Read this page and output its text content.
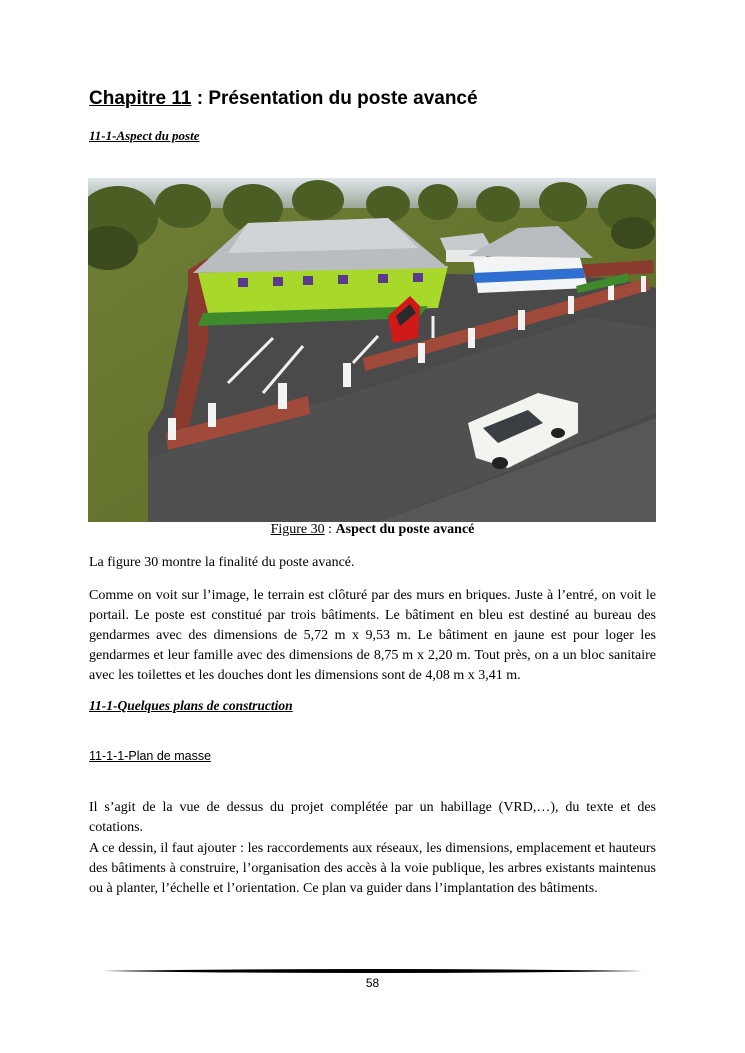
Chapitre 11 : Présentation du poste avancé
11-1-Aspect du poste
Figure 30 : Aspect du poste avancé
La figure 30 montre la finalité du poste avancé.
Comme on voit sur l’image, le terrain est clôturé par des murs en briques. Juste à l’entré, on voit le portail. Le poste est constitué par trois bâtiments. Le bâtiment en bleu est destiné au bureau des gendarmes avec des dimensions de 5,72 m x 9,53 m. Le bâtiment en jaune est pour loger les gendarmes et leur famille avec des dimensions de 8,75 m x 2,20 m. Tout près, on a un bloc sanitaire avec les toilettes et les douches dont les dimensions sont de 4,08 m x 3,41 m.
11-1-Quelques plans de construction
11-1-1-Plan de masse
Il s’agit de la vue de dessus du projet complétée par un habillage (VRD,…), du texte et des cotations.
A ce dessin, il faut ajouter : les raccordements aux réseaux, les dimensions, emplacement et hauteurs des bâtiments à construire, l’organisation des accès à la voie publique, les arbres existants maintenus ou à planter, l’échelle et l’orientation. Ce plan va guider dans l’implantation des bâtiments.
58
